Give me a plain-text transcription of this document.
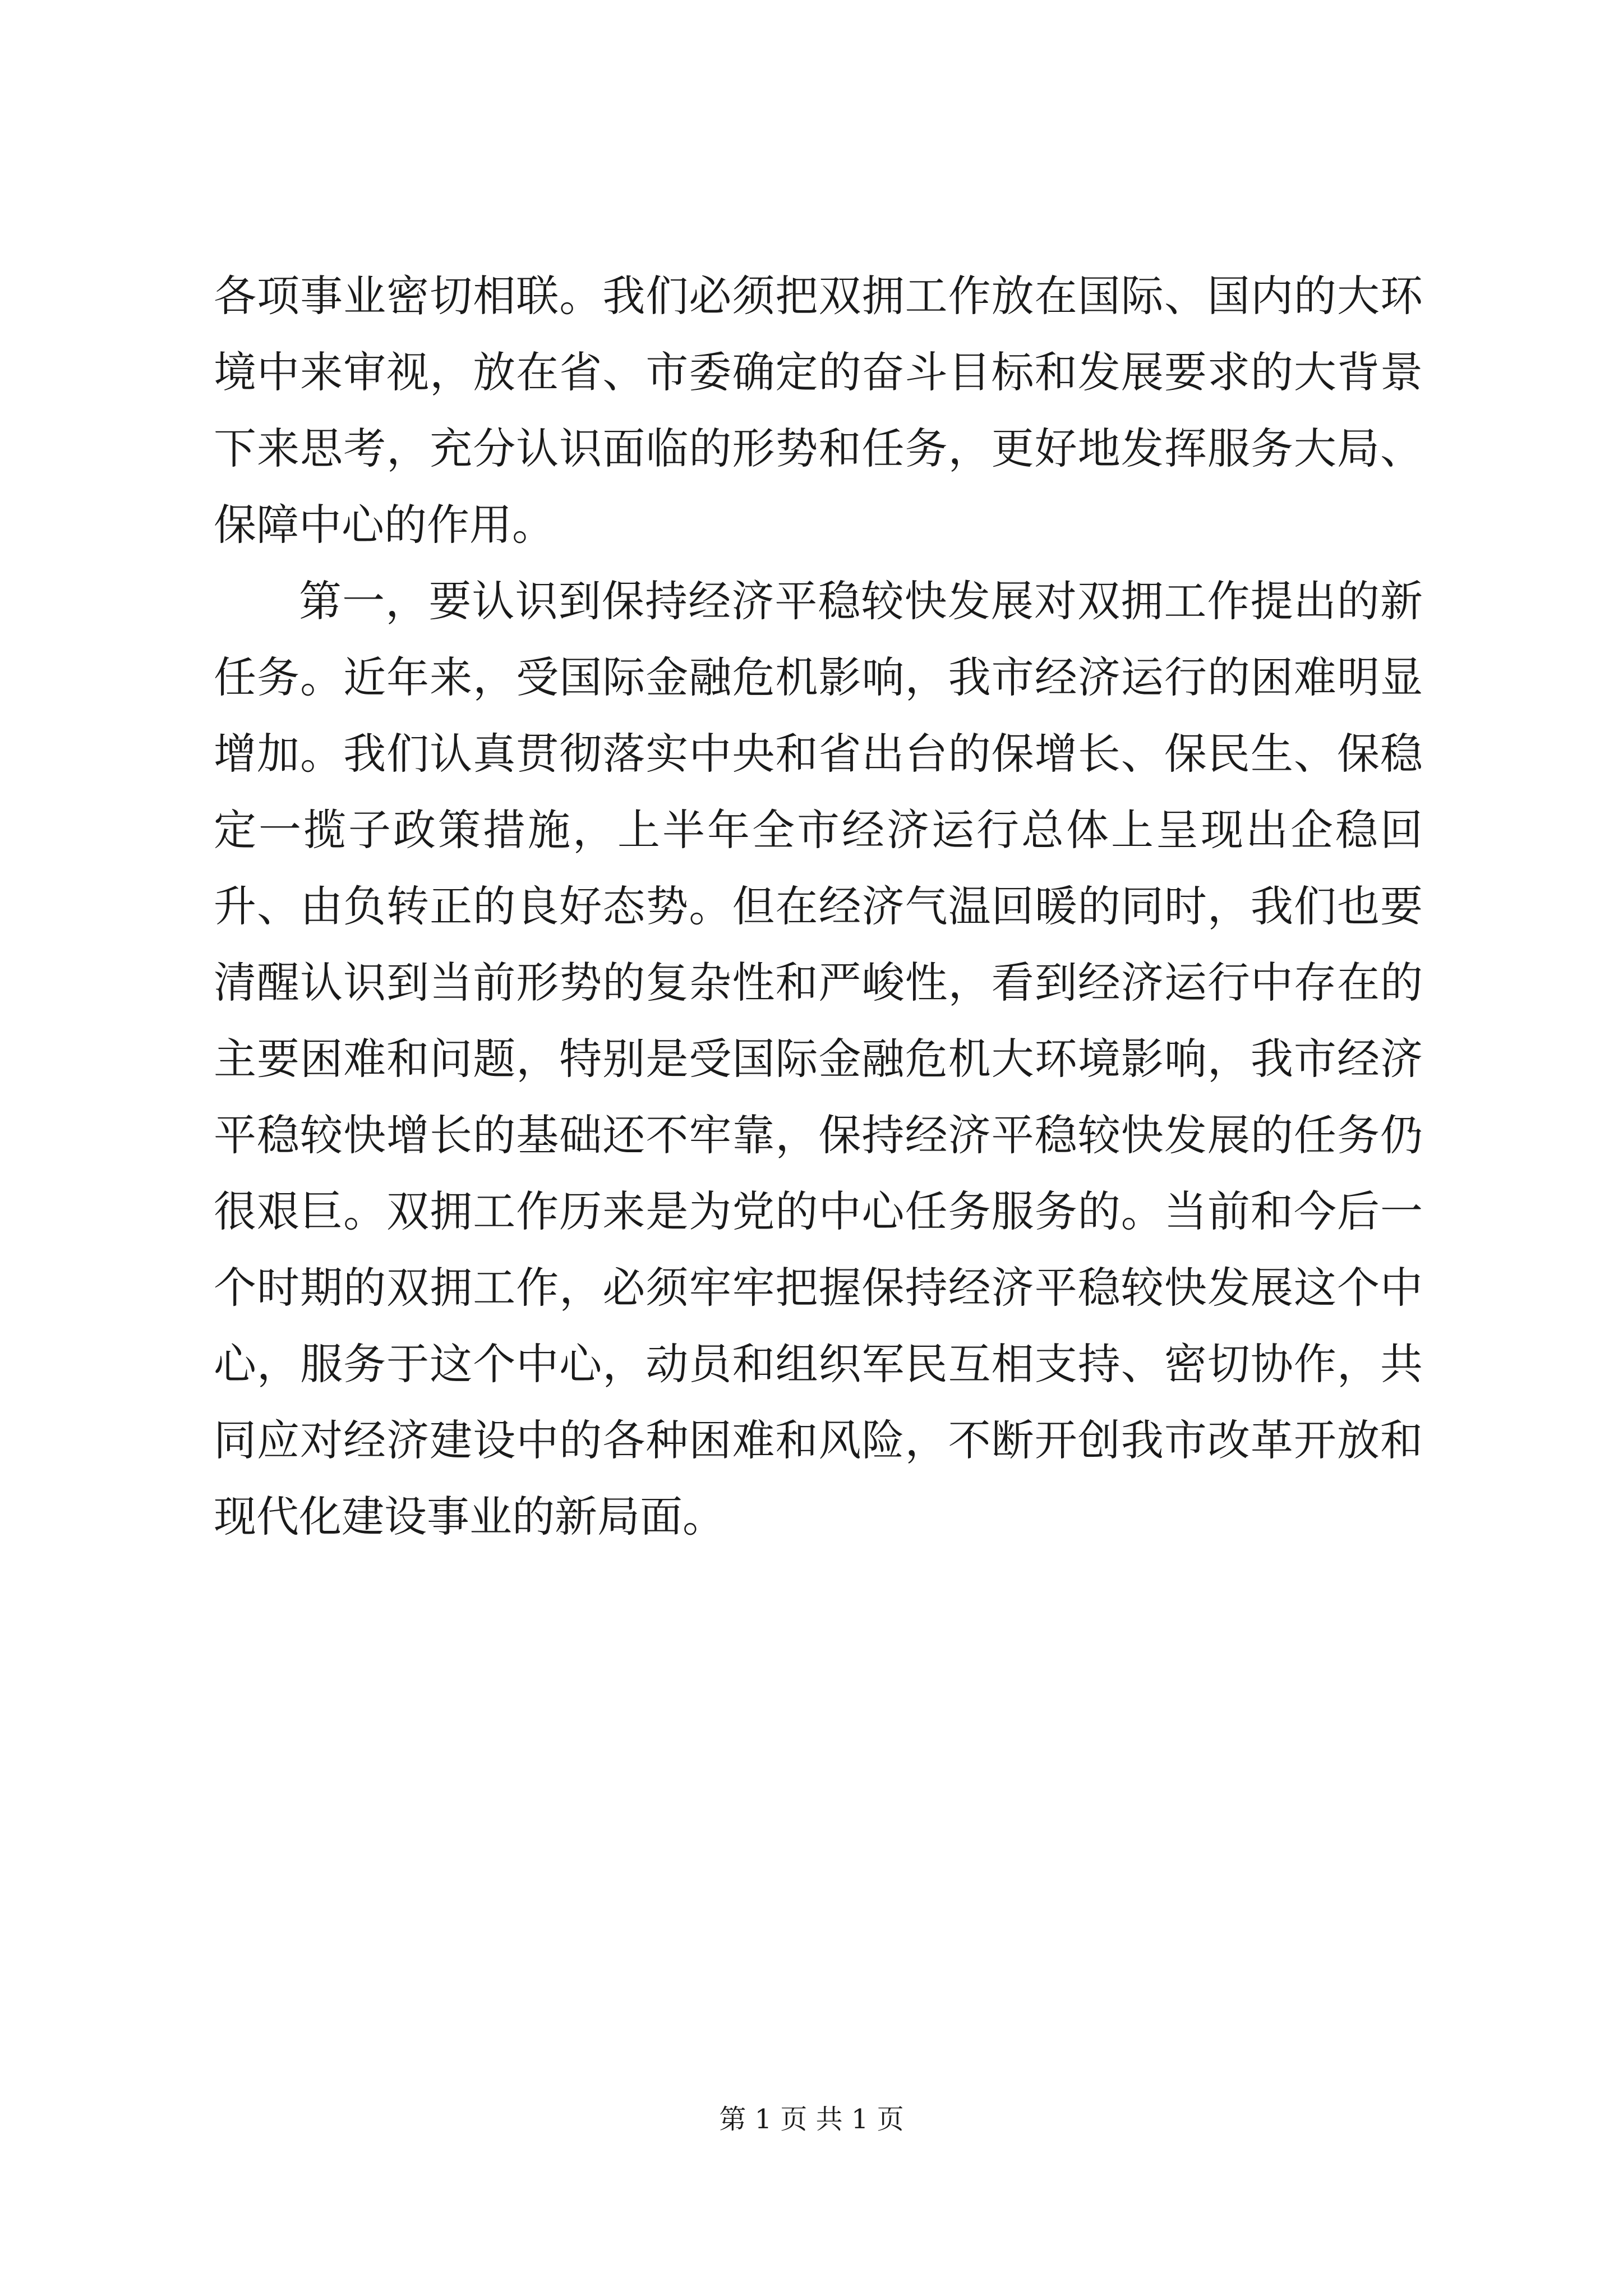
各项事业密切相联。我们必须把双拥工作放在国际、国内的大环境中来审视，放在省、市委确定的奋斗目标和发展要求的大背景下来思考，充分认识面临的形势和任务，更好地发挥服务大局、保障中心的作用。

第一，要认识到保持经济平稳较快发展对双拥工作提出的新任务。近年来，受国际金融危机影响，我市经济运行的困难明显增加。我们认真贯彻落实中央和省出台的保增长、保民生、保稳定一揽子政策措施，上半年全市经济运行总体上呈现出企稳回升、由负转正的良好态势。但在经济气温回暖的同时，我们也要清醒认识到当前形势的复杂性和严峻性，看到经济运行中存在的主要困难和问题，特别是受国际金融危机大环境影响，我市经济平稳较快增长的基础还不牢靠，保持经济平稳较快发展的任务仍很艰巨。双拥工作历来是为党的中心任务服务的。当前和今后一个时期的双拥工作，必须牢牢把握保持经济平稳较快发展这个中心，服务于这个中心，动员和组织军民互相支持、密切协作，共同应对经济建设中的各种困难和风险，不断开创我市改革开放和现代化建设事业的新局面。

第 1 页 共 1 页
